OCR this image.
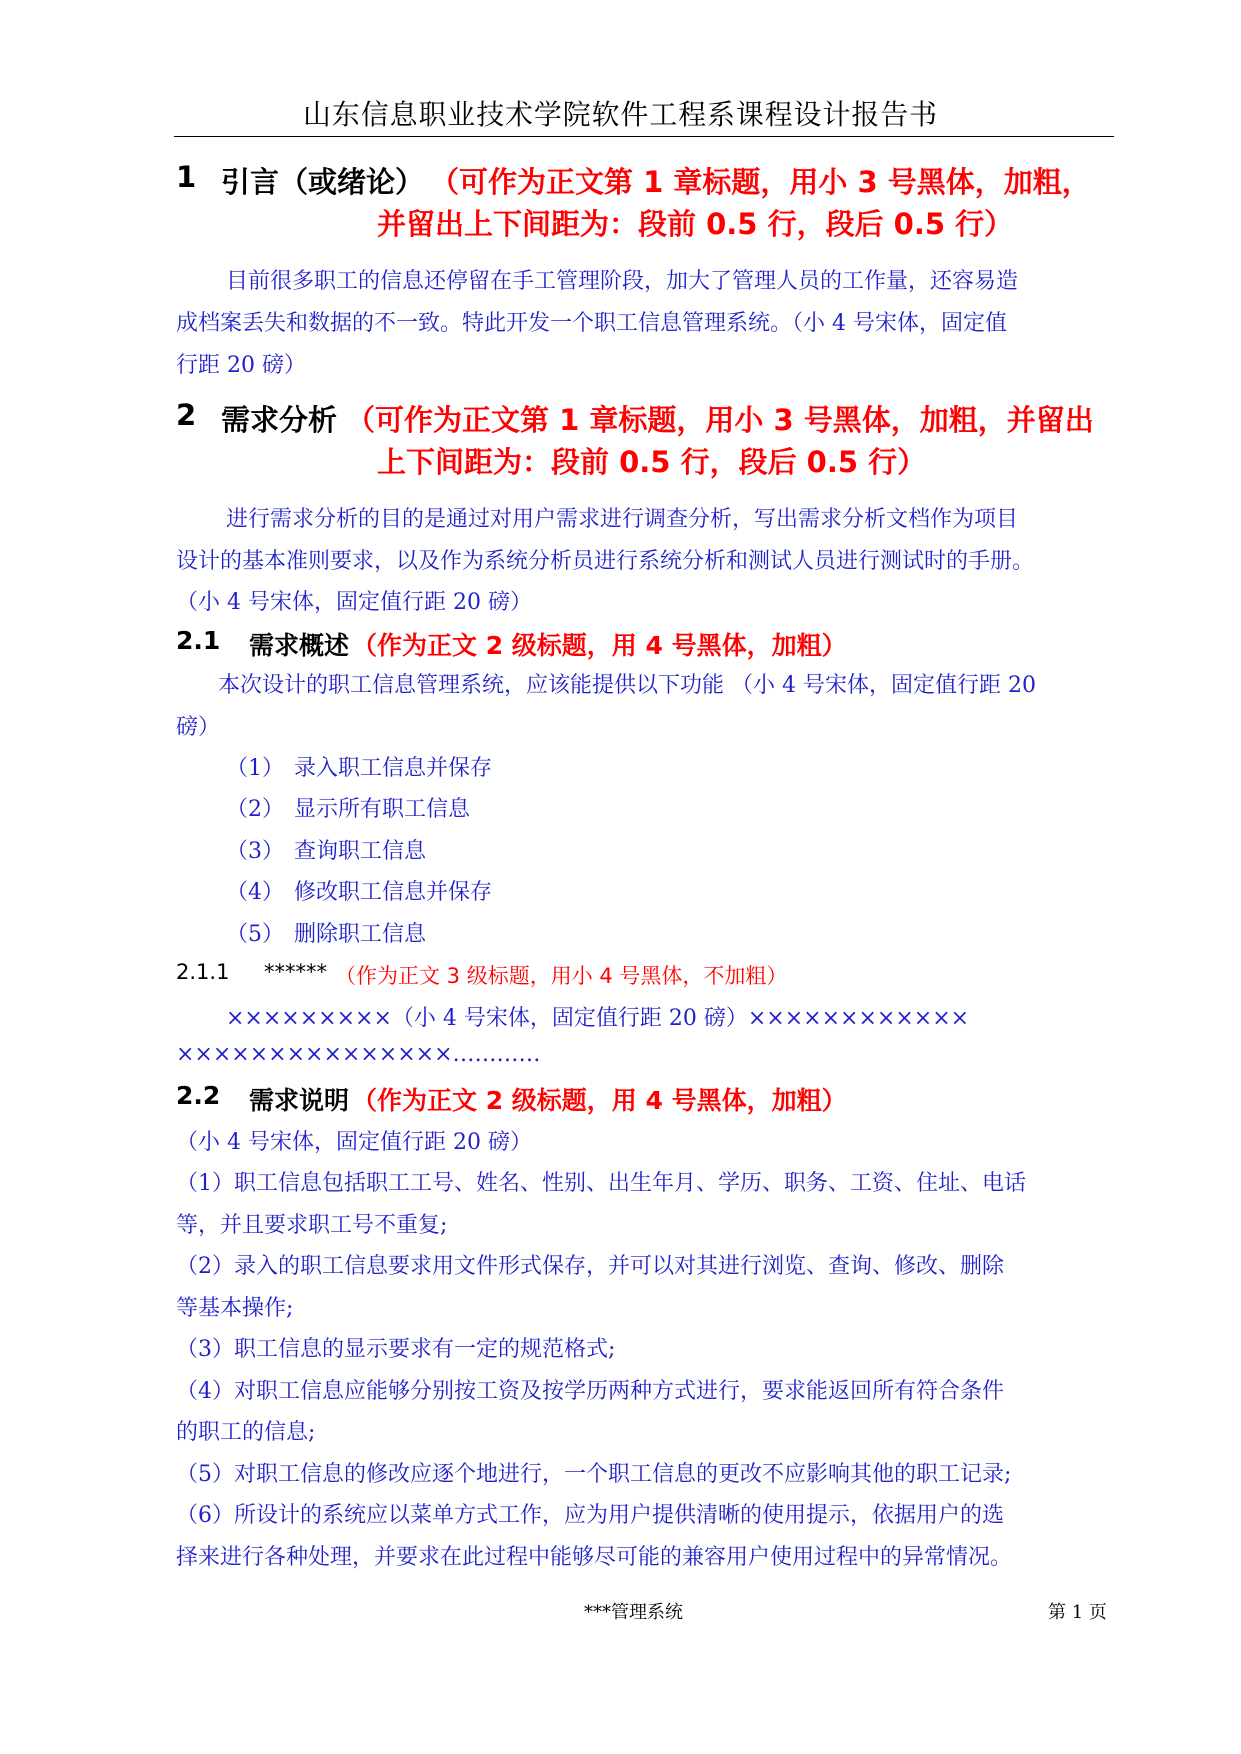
山东信息职业技术学院软件工程系课程设计报告书
1 引言（或绪论） （可作为正文第 1 章标题，用小 3 号黑体，加粗，
并留出上下间距为：段前 0.5 行，段后 0.5 行）
目前很多职工的信息还停留在手工管理阶段，加大了管理人员的工作量，还容易造
成档案丢失和数据的不一致。特此开发一个职工信息管理系统。（小 4 号宋体，固定值
行距 20 磅）
2 需求分析 （可作为正文第 1 章标题，用小 3 号黑体，加粗，并留出
上下间距为：段前 0.5 行，段后 0.5 行）
进行需求分析的目的是通过对用户需求进行调查分析，写出需求分析文档作为项目
设计的基本准则要求，以及作为系统分析员进行系统分析和测试人员进行测试时的手册。
（小 4 号宋体，固定值行距 20 磅）
2.1 需求概述 （作为正文 2 级标题，用 4 号黑体，加粗）
本次设计的职工信息管理系统，应该能提供以下功能 （小 4 号宋体，固定值行距 20
磅）
（1） 录入职工信息并保存
（2） 显示所有职工信息
（3） 查询职工信息
（4） 修改职工信息并保存
（5） 删除职工信息
2.1.1 ****** （作为正文 3 级标题，用小 4 号黑体，不加粗）
×××××××××（小 4 号宋体，固定值行距 20 磅）××××××××××××
×××××××××××××××…………
2.2 需求说明 （作为正文 2 级标题，用 4 号黑体，加粗）
（小 4 号宋体，固定值行距 20 磅）
（1）职工信息包括职工工号、姓名、性别、出生年月、学历、职务、工资、住址、电话
等，并且要求职工号不重复;
（2）录入的职工信息要求用文件形式保存，并可以对其进行浏览、查询、修改、删除
等基本操作;
（3）职工信息的显示要求有一定的规范格式;
（4）对职工信息应能够分别按工资及按学历两种方式进行，要求能返回所有符合条件
的职工的信息;
（5）对职工信息的修改应逐个地进行，一个职工信息的更改不应影响其他的职工记录;
（6）所设计的系统应以菜单方式工作，应为用户提供清晰的使用提示，依据用户的选
择来进行各种处理，并要求在此过程中能够尽可能的兼容用户使用过程中的异常情况。
***管理系统	第 1 页
